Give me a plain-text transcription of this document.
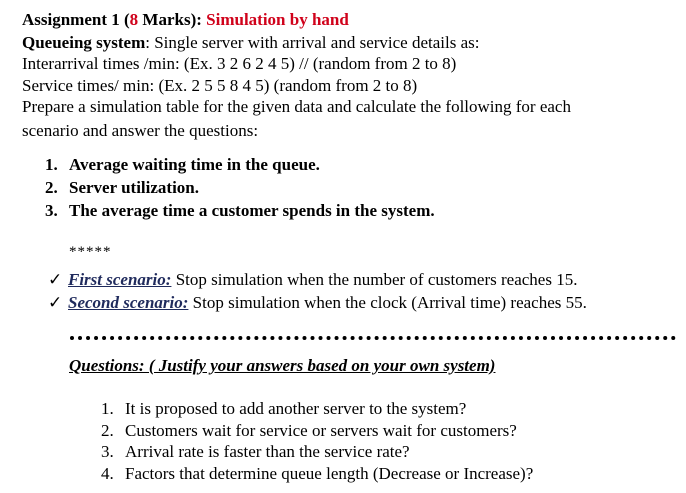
Assignment 1 (8 Marks): Simulation by hand
Queueing system: Single server with arrival and service details as:
Interarrival times /min: (Ex. 3 2 6 2 4 5) // (random from 2 to 8)
Service times/ min: (Ex. 2 5 5 8 4 5) (random from 2 to 8)
Prepare a simulation table for the given data and calculate the following for each
scenario and answer the questions:
1. Average waiting time in the queue.
2. Server utilization.
3. The average time a customer spends in the system.
*****
✓ First scenario: Stop simulation when the number of customers reaches 15.
✓ Second scenario: Stop simulation when the clock (Arrival time) reaches 55.
Questions: ( Justify your answers based on your own system)
1. It is proposed to add another server to the system?
2. Customers wait for service or servers wait for customers?
3. Arrival rate is faster than the service rate?
4. Factors that determine queue length (Decrease or Increase)?
